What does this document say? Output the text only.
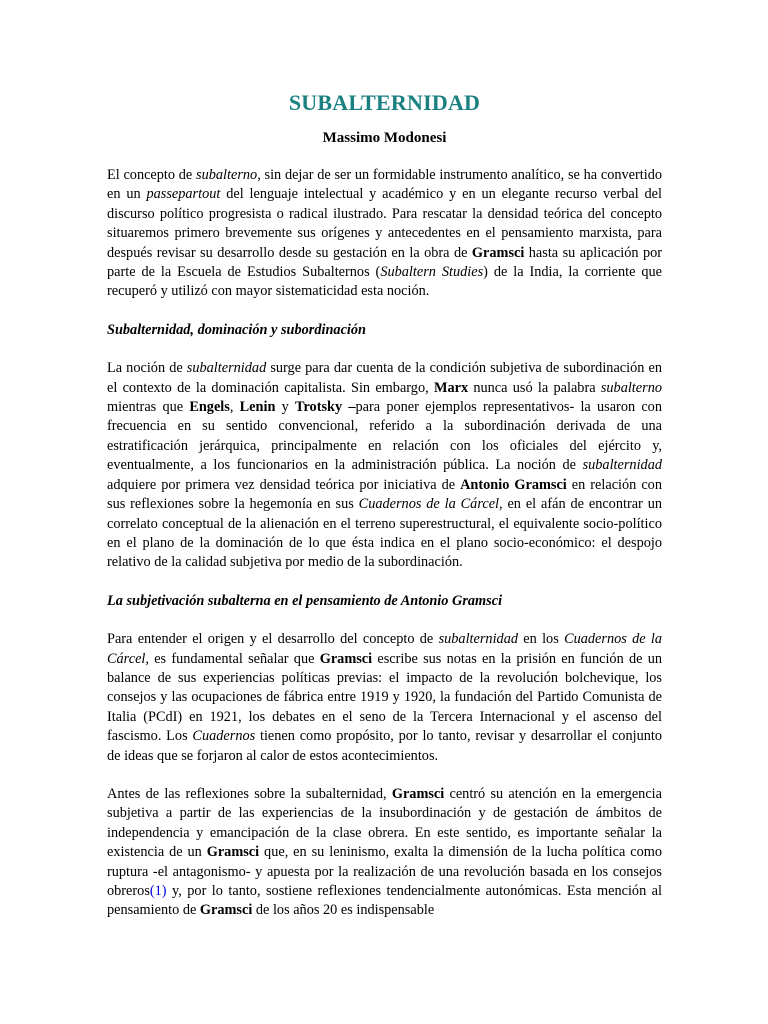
SUBALTERNIDAD
Massimo Modonesi

El concepto de subalterno, sin dejar de ser un formidable instrumento analítico, se ha convertido en un passepartout del lenguaje intelectual y académico y en un elegante recurso verbal del discurso político progresista o radical ilustrado. Para rescatar la densidad teórica del concepto situaremos primero brevemente sus orígenes y antecedentes en el pensamiento marxista, para después revisar su desarrollo desde su gestación en la obra de Gramsci hasta su aplicación por parte de la Escuela de Estudios Subalternos (Subaltern Studies) de la India, la corriente que recuperó y utilizó con mayor sistematicidad esta noción.

Subalternidad, dominación y subordinación

La noción de subalternidad surge para dar cuenta de la condición subjetiva de subordinación en el contexto de la dominación capitalista. Sin embargo, Marx nunca usó la palabra subalterno mientras que Engels, Lenin y Trotsky –para poner ejemplos representativos- la usaron con frecuencia en su sentido convencional, referido a la subordinación derivada de una estratificación jerárquica, principalmente en relación con los oficiales del ejército y, eventualmente, a los funcionarios en la administración pública. La noción de subalternidad adquiere por primera vez densidad teórica por iniciativa de Antonio Gramsci en relación con sus reflexiones sobre la hegemonía en sus Cuadernos de la Cárcel, en el afán de encontrar un correlato conceptual de la alienación en el terreno superestructural, el equivalente socio-político en el plano de la dominación de lo que ésta indica en el plano socio-económico: el despojo relativo de la calidad subjetiva por medio de la subordinación.

La subjetivación subalterna en el pensamiento de Antonio Gramsci

Para entender el origen y el desarrollo del concepto de subalternidad en los Cuadernos de la Cárcel, es fundamental señalar que Gramsci escribe sus notas en la prisión en función de un balance de sus experiencias políticas previas: el impacto de la revolución bolchevique, los consejos y las ocupaciones de fábrica entre 1919 y 1920, la fundación del Partido Comunista de Italia (PCdI) en 1921, los debates en el seno de la Tercera Internacional y el ascenso del fascismo. Los Cuadernos tienen como propósito, por lo tanto, revisar y desarrollar el conjunto de ideas que se forjaron al calor de estos acontecimientos.

Antes de las reflexiones sobre la subalternidad, Gramsci centró su atención en la emergencia subjetiva a partir de las experiencias de la insubordinación y de gestación de ámbitos de independencia y emancipación de la clase obrera. En este sentido, es importante señalar la existencia de un Gramsci que, en su leninismo, exalta la dimensión de la lucha política como ruptura -el antagonismo- y apuesta por la realización de una revolución basada en los consejos obreros(1) y, por lo tanto, sostiene reflexiones tendencialmente autonómicas. Esta mención al pensamiento de Gramsci de los años 20 es indispensable
